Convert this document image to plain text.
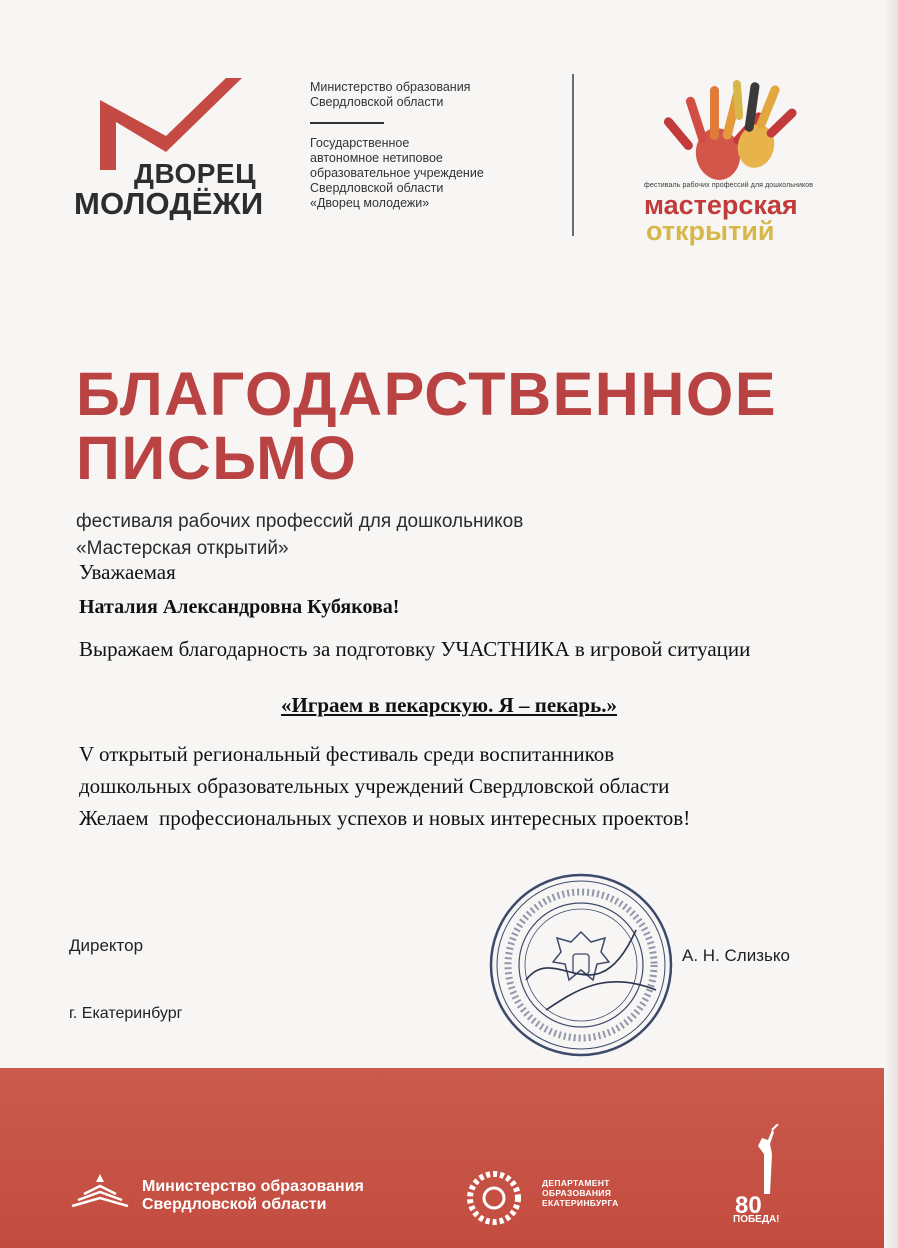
ДВОРЕЦ
МОЛОДЁЖИ
Министерство образования
Свердловской области
Государственное
автономное нетиповое
образовательное учреждение
Свердловской области
«Дворец молодежи»
фестиваль рабочих профессий для дошкольников
мастерская
открытий
БЛАГОДАРСТВЕННОЕ
ПИСЬМО
фестиваля рабочих профессий для дошкольников
«Мастерская открытий»
Уважаемая
Наталия Александровна Кубякова!
Выражаем благодарность за подготовку УЧАСТНИКА в игровой ситуации
«Играем в пекарскую. Я – пекарь.»
V открытый региональный фестиваль среди воспитанников
дошкольных образовательных учреждений Свердловской области
Желаем  профессиональных успехов и новых интересных проектов!
Директор
г. Екатеринбург
А. Н. Слизько
Министерство образования
Свердловской области
ДЕПАРТАМЕНТ
ОБРАЗОВАНИЯ
ЕКАТЕРИНБУРГА	80
ПОБЕДА!
